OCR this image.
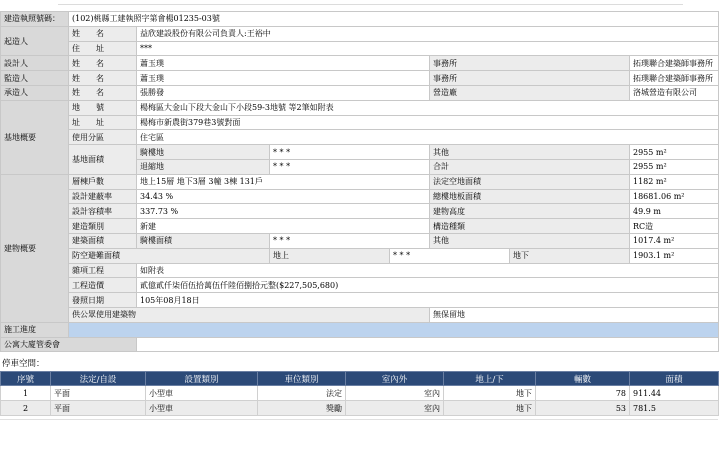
建造執照號碼：	(102)桃縣工建執照字第會楊01235-03號						
起造人	姓　　名	益欣建設股份有限公司負責人:王裕中					
	住　　址	***					
設計人	姓　　名	蕭玉璞			事務所		拓璞聯合建築師事務所
監造人	姓　　名	蕭玉璞			事務所		拓璞聯合建築師事務所
承造人	姓　　名	張勝發			營造廠		洛城營造有限公司
基地概要	地　　號	楊梅區大金山下段大金山下小段59-3地號 等2筆如附表					
	址　　址	楊梅市新農街379巷3號對面					
	使用分區	住宅區					
	基地面積	騎樓地	* * *		其他		2955 m²
		退縮地	* * *		合計		2955 m²
建物概要	層棟戶數	地上15層 地下3層 3幢 3棟 131戶			法定空地面積		1182 m²
	設計建蔽率	34.43 %			總樓地板面積		18681.06 m²
	設計容積率	337.73 %			建物高度		49.9 m
	建造類別	新建			構造種類		RC造
	建築面積	騎樓面積	* * *		其他		1017.4 m²
	防空避難面積		地上	* * *		地下	1903.1 m²
	雜項工程	如附表					
	工程造價	貳億貳仟柒佰伍拾萬伍仟陸佰捌拾元整($227,505,680)					
	發照日期	105年08月18日					
	供公眾使用建築物				無保留地		
施工進度							
公寓大廈管委會							
停車空間：
序號	法定/自設	設置類別	車位類別	室內外	地上/下	輛數	面積
1	平面	小型車	法定	室內	地下	78	911.44
2	平面	小型車	獎勵	室內	地下	53	781.5
